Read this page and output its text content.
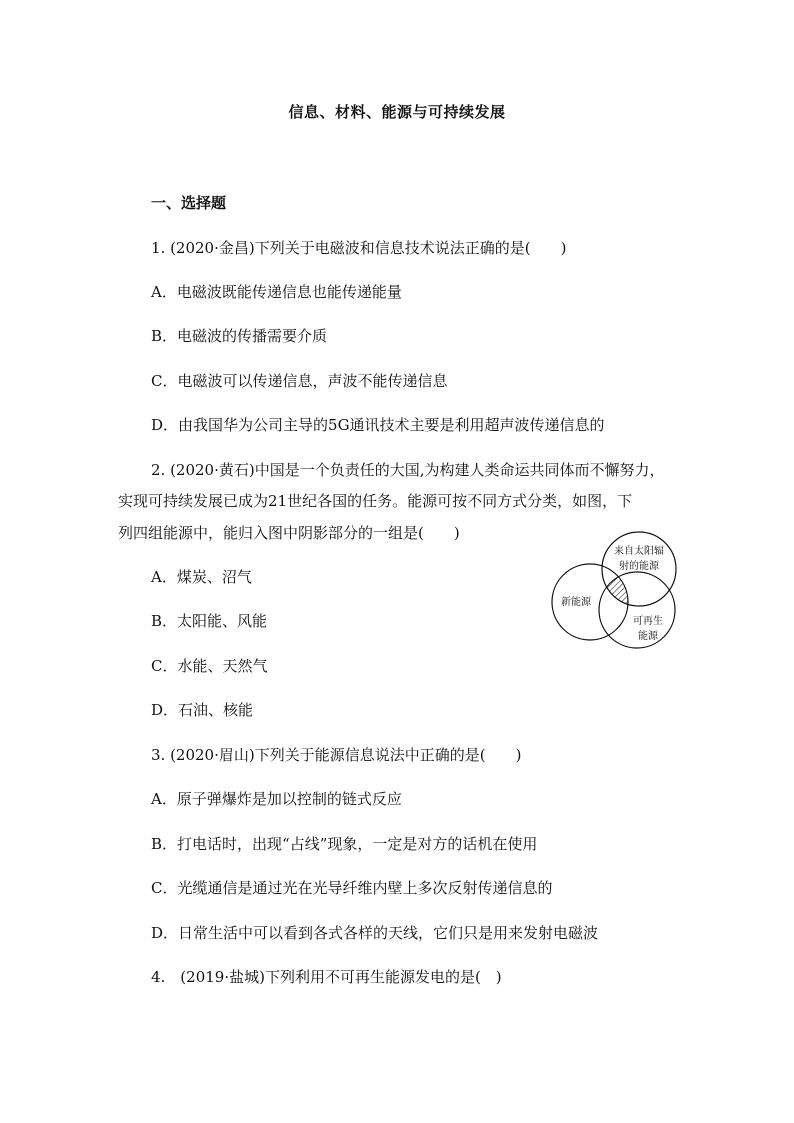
信息、材料、能源与可持续发展
一、选择题
1. (2020·金昌)下列关于电磁波和信息技术说法正确的是(　　)
A．电磁波既能传递信息也能传递能量
B．电磁波的传播需要介质
C．电磁波可以传递信息，声波不能传递信息
D．由我国华为公司主导的5G通讯技术主要是利用超声波传递信息的
2. (2020·黄石)中国是一个负责任的大国,为构建人类命运共同体而不懈努力，
实现可持续发展已成为21世纪各国的任务。能源可按不同方式分类，如图，下
列四组能源中，能归入图中阴影部分的一组是(　　)
A．煤炭、沼气
B．太阳能、风能
C．水能、天然气
D．石油、核能
来自太阳辐
射的能源
新能源
可再生
能源
3. (2020·眉山)下列关于能源信息说法中正确的是(　　)
A．原子弹爆炸是加以控制的链式反应
B．打电话时，出现“占线”现象，一定是对方的话机在使用
C．光缆通信是通过光在光导纤维内壁上多次反射传递信息的
D．日常生活中可以看到各式各样的天线，它们只是用来发射电磁波
4.　(2019·盐城)下列利用不可再生能源发电的是(　)
